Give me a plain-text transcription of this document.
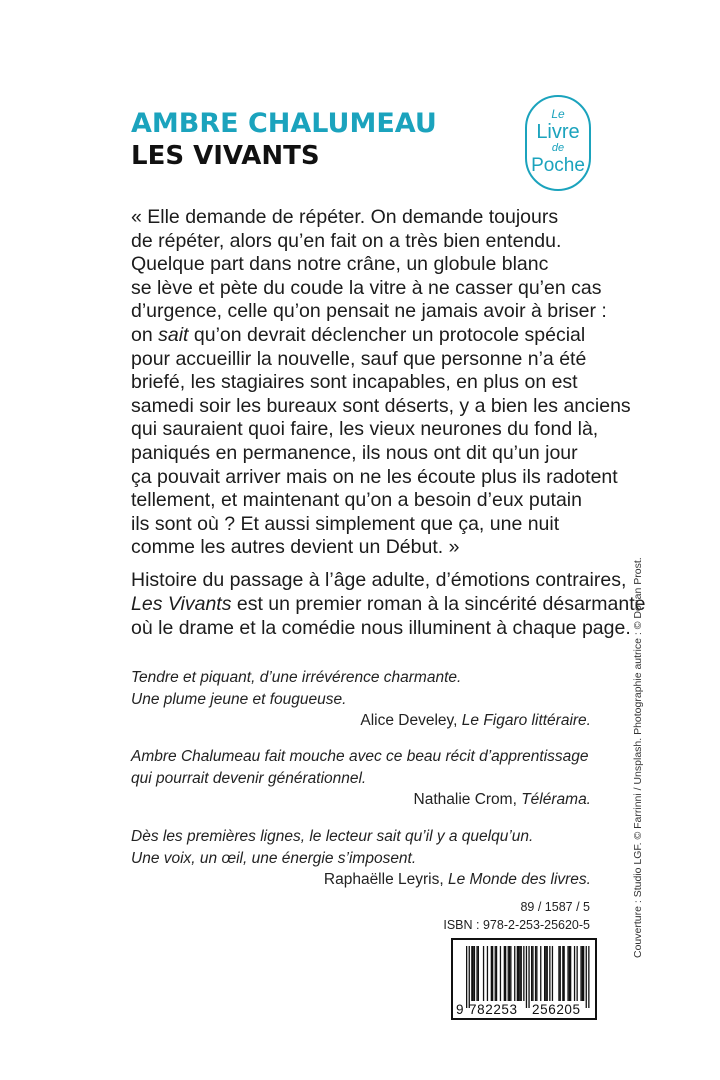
AMBRE CHALUMEAU
LES VIVANTS
Le
Livre
de
Poche
« Elle demande de répéter. On demande toujours
de répéter, alors qu’en fait on a très bien entendu.
Quelque part dans notre crâne, un globule blanc
se lève et pète du coude la vitre à ne casser qu’en cas
d’urgence, celle qu’on pensait ne jamais avoir à briser :
on sait qu’on devrait déclencher un protocole spécial
pour accueillir la nouvelle, sauf que personne n’a été
briefé, les stagiaires sont incapables, en plus on est
samedi soir les bureaux sont déserts, y a bien les anciens
qui sauraient quoi faire, les vieux neurones du fond là,
paniqués en permanence, ils nous ont dit qu’un jour
ça pouvait arriver mais on ne les écoute plus ils radotent
tellement, et maintenant qu’on a besoin d’eux putain
ils sont où ? Et aussi simplement que ça, une nuit
comme les autres devient un Début. »
Histoire du passage à l’âge adulte, d’émotions contraires,
Les Vivants est un premier roman à la sincérité désarmante
où le drame et la comédie nous illuminent à chaque page.
Tendre et piquant, d’une irrévérence charmante.
Une plume jeune et fougueuse.
Alice Develey, Le Figaro littéraire.
Ambre Chalumeau fait mouche avec ce beau récit d’apprentissage
qui pourrait devenir générationnel.
Nathalie Crom, Télérama.
Dès les premières lignes, le lecteur sait qu’il y a quelqu’un.
Une voix, un œil, une énergie s’imposent.
Raphaëlle Leyris, Le Monde des livres.
89 / 1587 / 5
ISBN : 978-2-253-25620-5
9 782253 256205
Couverture : Studio LGF. © Farrinni / Unsplash. Photographie autrice : © Dorian Prost.
